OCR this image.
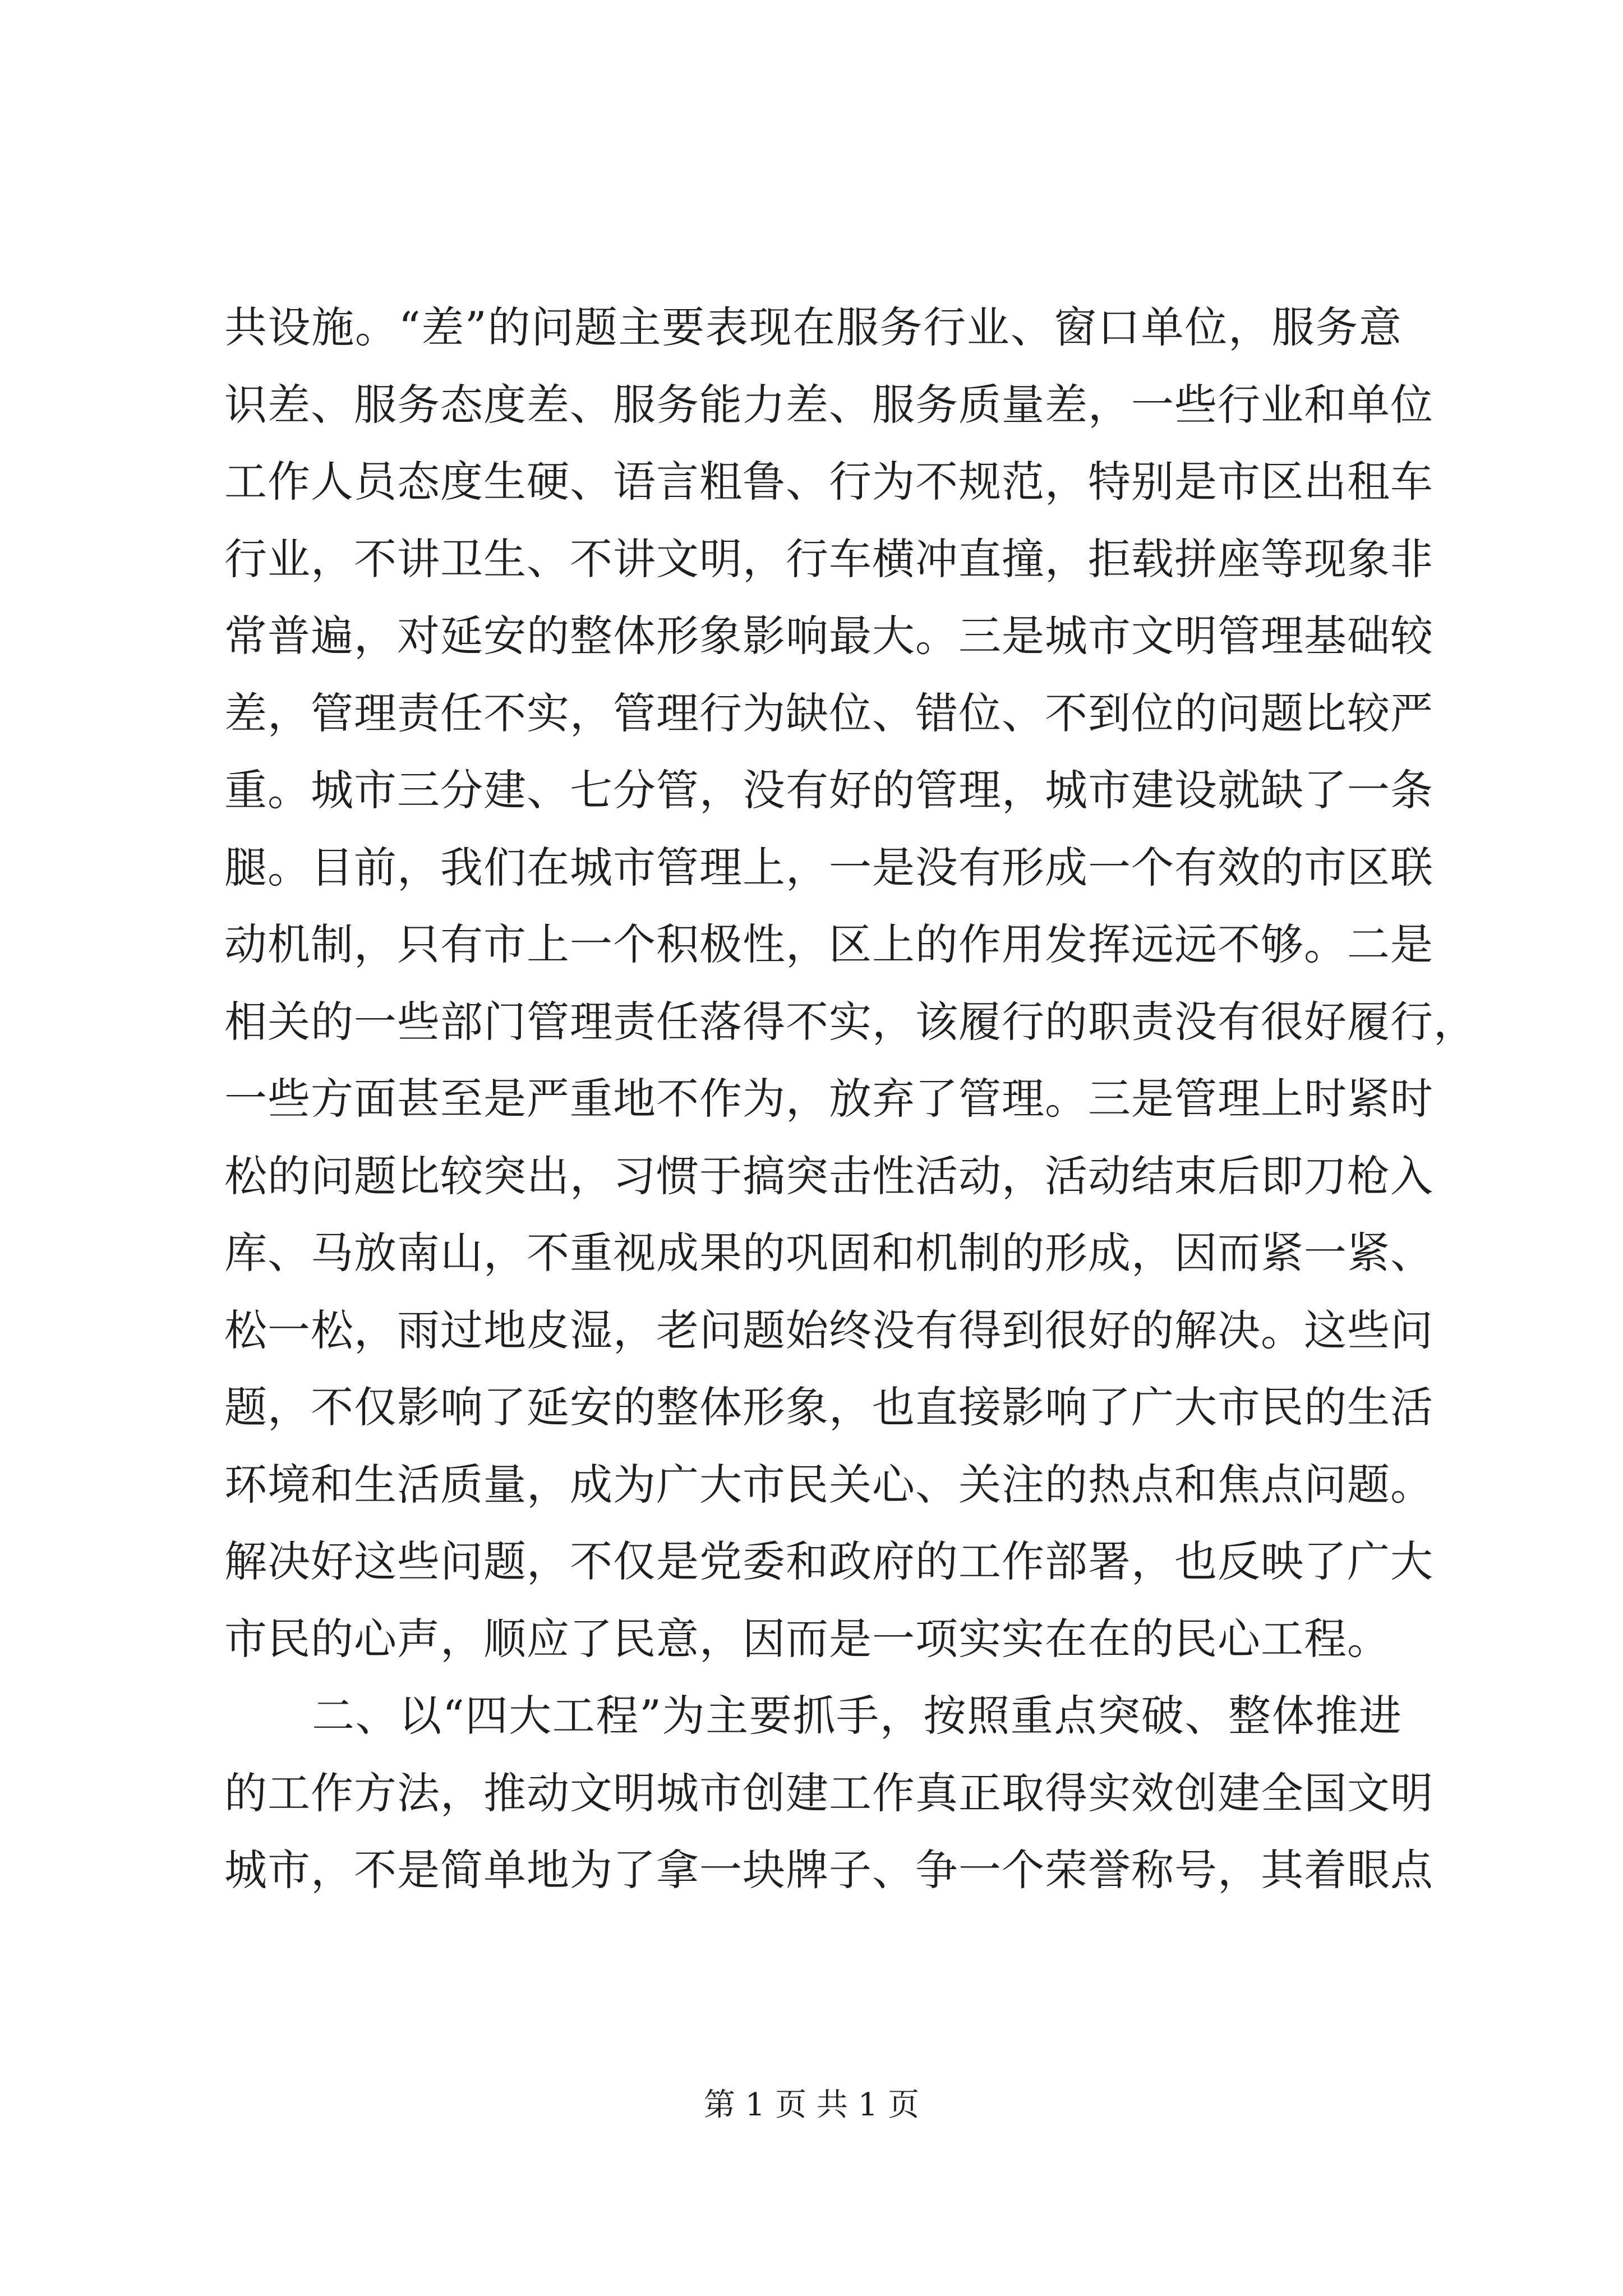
共设施。“差”的问题主要表现在服务行业、窗口单位，服务意
识差、服务态度差、服务能力差、服务质量差，一些行业和单位
工作人员态度生硬、语言粗鲁、行为不规范，特别是市区出租车
行业，不讲卫生、不讲文明，行车横冲直撞，拒载拼座等现象非
常普遍，对延安的整体形象影响最大。三是城市文明管理基础较
差，管理责任不实，管理行为缺位、错位、不到位的问题比较严
重。城市三分建、七分管，没有好的管理，城市建设就缺了一条
腿。目前，我们在城市管理上，一是没有形成一个有效的市区联
动机制，只有市上一个积极性，区上的作用发挥远远不够。二是
相关的一些部门管理责任落得不实，该履行的职责没有很好履行，
一些方面甚至是严重地不作为，放弃了管理。三是管理上时紧时
松的问题比较突出，习惯于搞突击性活动，活动结束后即刀枪入
库、马放南山，不重视成果的巩固和机制的形成，因而紧一紧、
松一松，雨过地皮湿，老问题始终没有得到很好的解决。这些问
题，不仅影响了延安的整体形象，也直接影响了广大市民的生活
环境和生活质量，成为广大市民关心、关注的热点和焦点问题。
解决好这些问题，不仅是党委和政府的工作部署，也反映了广大
市民的心声，顺应了民意，因而是一项实实在在的民心工程。
二、以“四大工程”为主要抓手，按照重点突破、整体推进
的工作方法，推动文明城市创建工作真正取得实效创建全国文明
城市，不是简单地为了拿一块牌子、争一个荣誉称号，其着眼点
第 1 页 共 1 页
